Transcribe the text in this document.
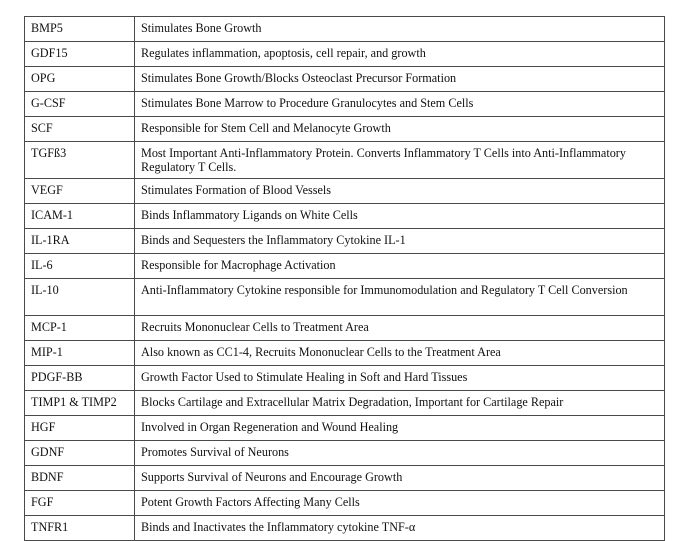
BMP5	Stimulates Bone Growth
GDF15	Regulates inflammation, apoptosis, cell repair, and growth
OPG	Stimulates Bone Growth/Blocks Osteoclast Precursor Formation
G-CSF	Stimulates Bone Marrow to Procedure Granulocytes and Stem Cells
SCF	Responsible for Stem Cell and Melanocyte Growth
TGFß3	Most Important Anti-Inflammatory Protein. Converts Inflammatory T Cells into Anti-Inflammatory Regulatory T Cells.
VEGF	Stimulates Formation of Blood Vessels
ICAM-1	Binds Inflammatory Ligands on White Cells
IL-1RA	Binds and Sequesters the Inflammatory Cytokine IL-1
IL-6	Responsible for Macrophage Activation
IL-10	Anti-Inflammatory Cytokine responsible for Immunomodulation and Regulatory T Cell Conversion
MCP-1	Recruits Mononuclear Cells to Treatment Area
MIP-1	Also known as CC1-4, Recruits Mononuclear Cells to the Treatment Area
PDGF-BB	Growth Factor Used to Stimulate Healing in Soft and Hard Tissues
TIMP1 & TIMP2	Blocks Cartilage and Extracellular Matrix Degradation, Important for Cartilage Repair
HGF	Involved in Organ Regeneration and Wound Healing
GDNF	Promotes Survival of Neurons
BDNF	Supports Survival of Neurons and Encourage Growth
FGF	Potent Growth Factors Affecting Many Cells
TNFR1	Binds and Inactivates the Inflammatory cytokine TNF-α
